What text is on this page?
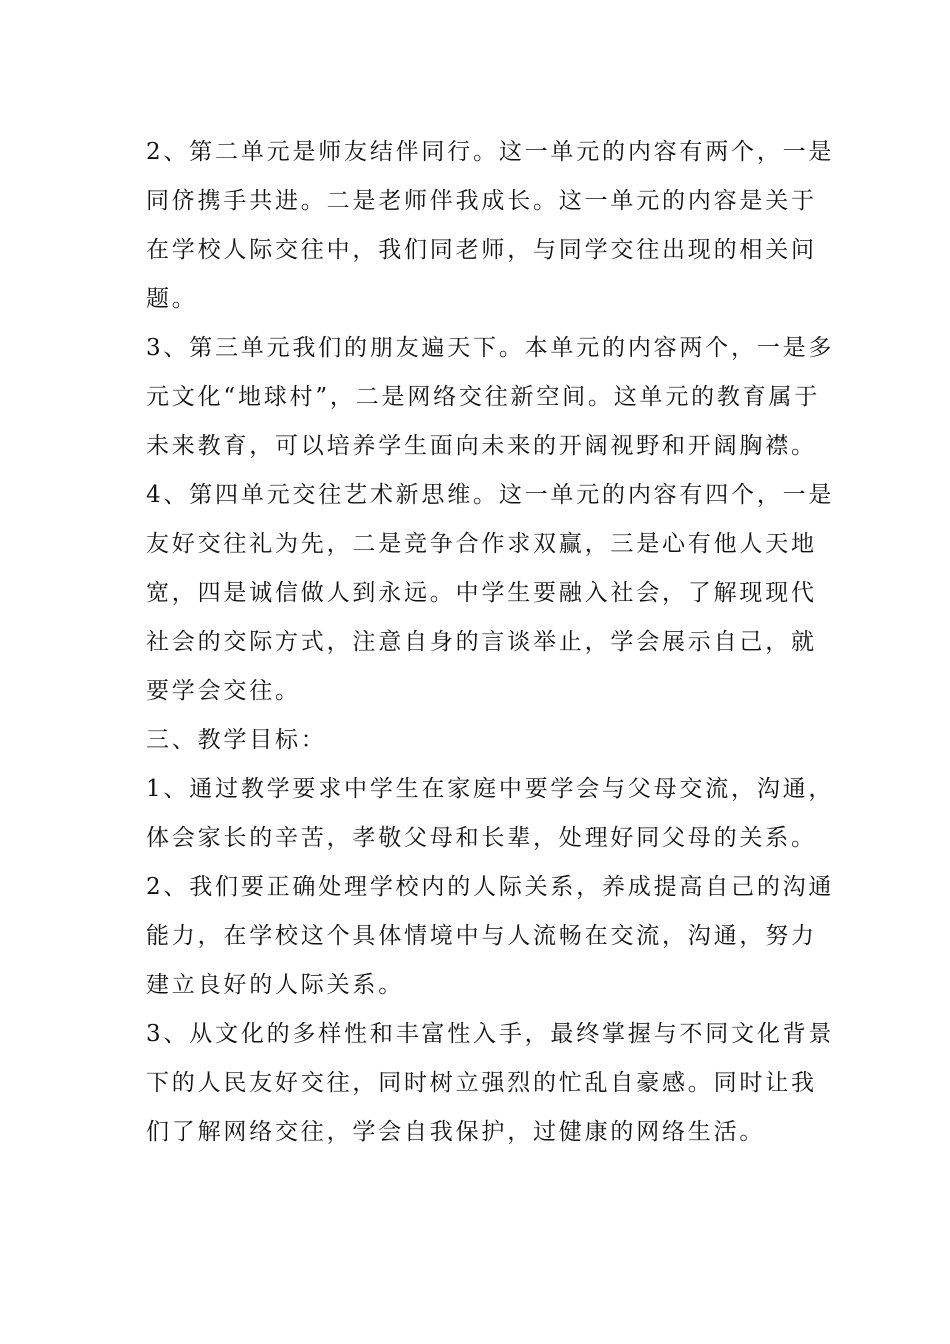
2、第二单元是师友结伴同行。这一单元的内容有两个，一是同侪携手共进。二是老师伴我成长。这一单元的内容是关于在学校人际交往中，我们同老师，与同学交往出现的相关问题。

3、第三单元我们的朋友遍天下。本单元的内容两个，一是多元文化“地球村”，二是网络交往新空间。这单元的教育属于未来教育，可以培养学生面向未来的开阔视野和开阔胸襟。

4、第四单元交往艺术新思维。这一单元的内容有四个，一是友好交往礼为先，二是竞争合作求双赢，三是心有他人天地宽，四是诚信做人到永远。中学生要融入社会，了解现现代社会的交际方式，注意自身的言谈举止，学会展示自己，就要学会交往。

三、教学目标：

1、通过教学要求中学生在家庭中要学会与父母交流，沟通，体会家长的辛苦，孝敬父母和长辈，处理好同父母的关系。

2、我们要正确处理学校内的人际关系，养成提高自己的沟通能力，在学校这个具体情境中与人流畅在交流，沟通，努力建立良好的人际关系。

3、从文化的多样性和丰富性入手，最终掌握与不同文化背景下的人民友好交往，同时树立强烈的忙乱自豪感。同时让我们了解网络交往，学会自我保护，过健康的网络生活。
